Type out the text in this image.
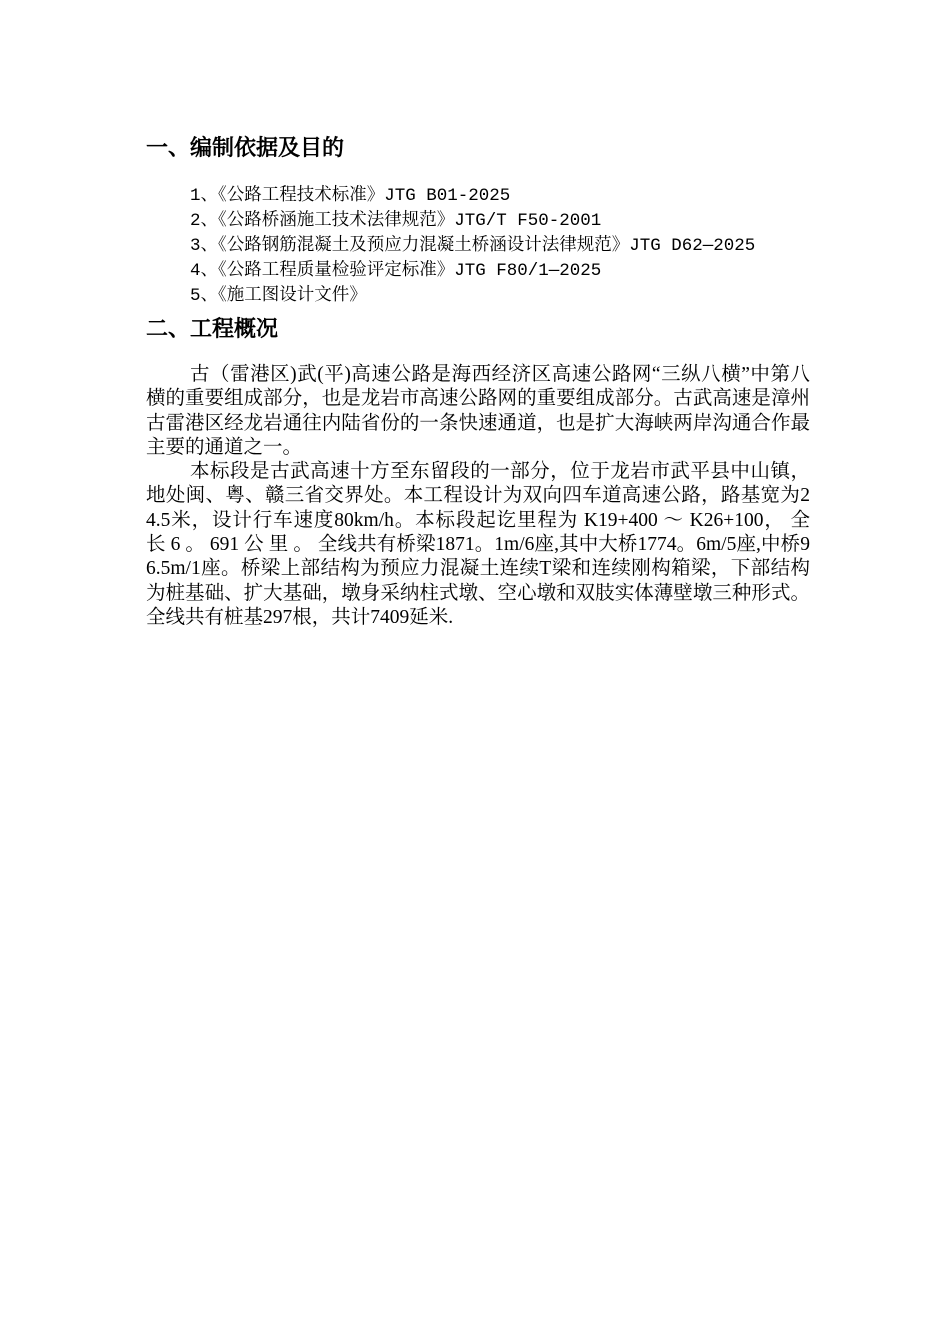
一、编制依据及目的
1、《公路工程技术标准》JTG B01-2025
2、《公路桥涵施工技术法律规范》JTG/T F50-2001
3、《公路钢筋混凝土及预应力混凝土桥涵设计法律规范》JTG D62—2025
4、《公路工程质量检验评定标准》JTG F80/1—2025
5、《施工图设计文件》
二、工程概况

古（雷港区)武(平)高速公路是海西经济区高速公路网“三纵八横”中第八横的重要组成部分，也是龙岩市高速公路网的重要组成部分。古武高速是漳州古雷港区经龙岩通往内陆省份的一条快速通道，也是扩大海峡两岸沟通合作最主要的通道之一。

本标段是古武高速十方至东留段的一部分，位于龙岩市武平县中山镇，地处闽、粤、赣三省交界处。本工程设计为双向四车道高速公路，路基宽为24.5米，设计行车速度80km/h。本标段起讫里程为 K19+400 ～ K26+100， 全 长 6 。 691 公 里 。 全线共有桥梁1871。1m/6座,其中大桥1774。6m/5座,中桥96.5m/1座。桥梁上部结构为预应力混凝土连续T梁和连续刚构箱梁，下部结构为桩基础、扩大基础，墩身采纳柱式墩、空心墩和双肢实体薄壁墩三种形式。全线共有桩基297根，共计7409延米.
